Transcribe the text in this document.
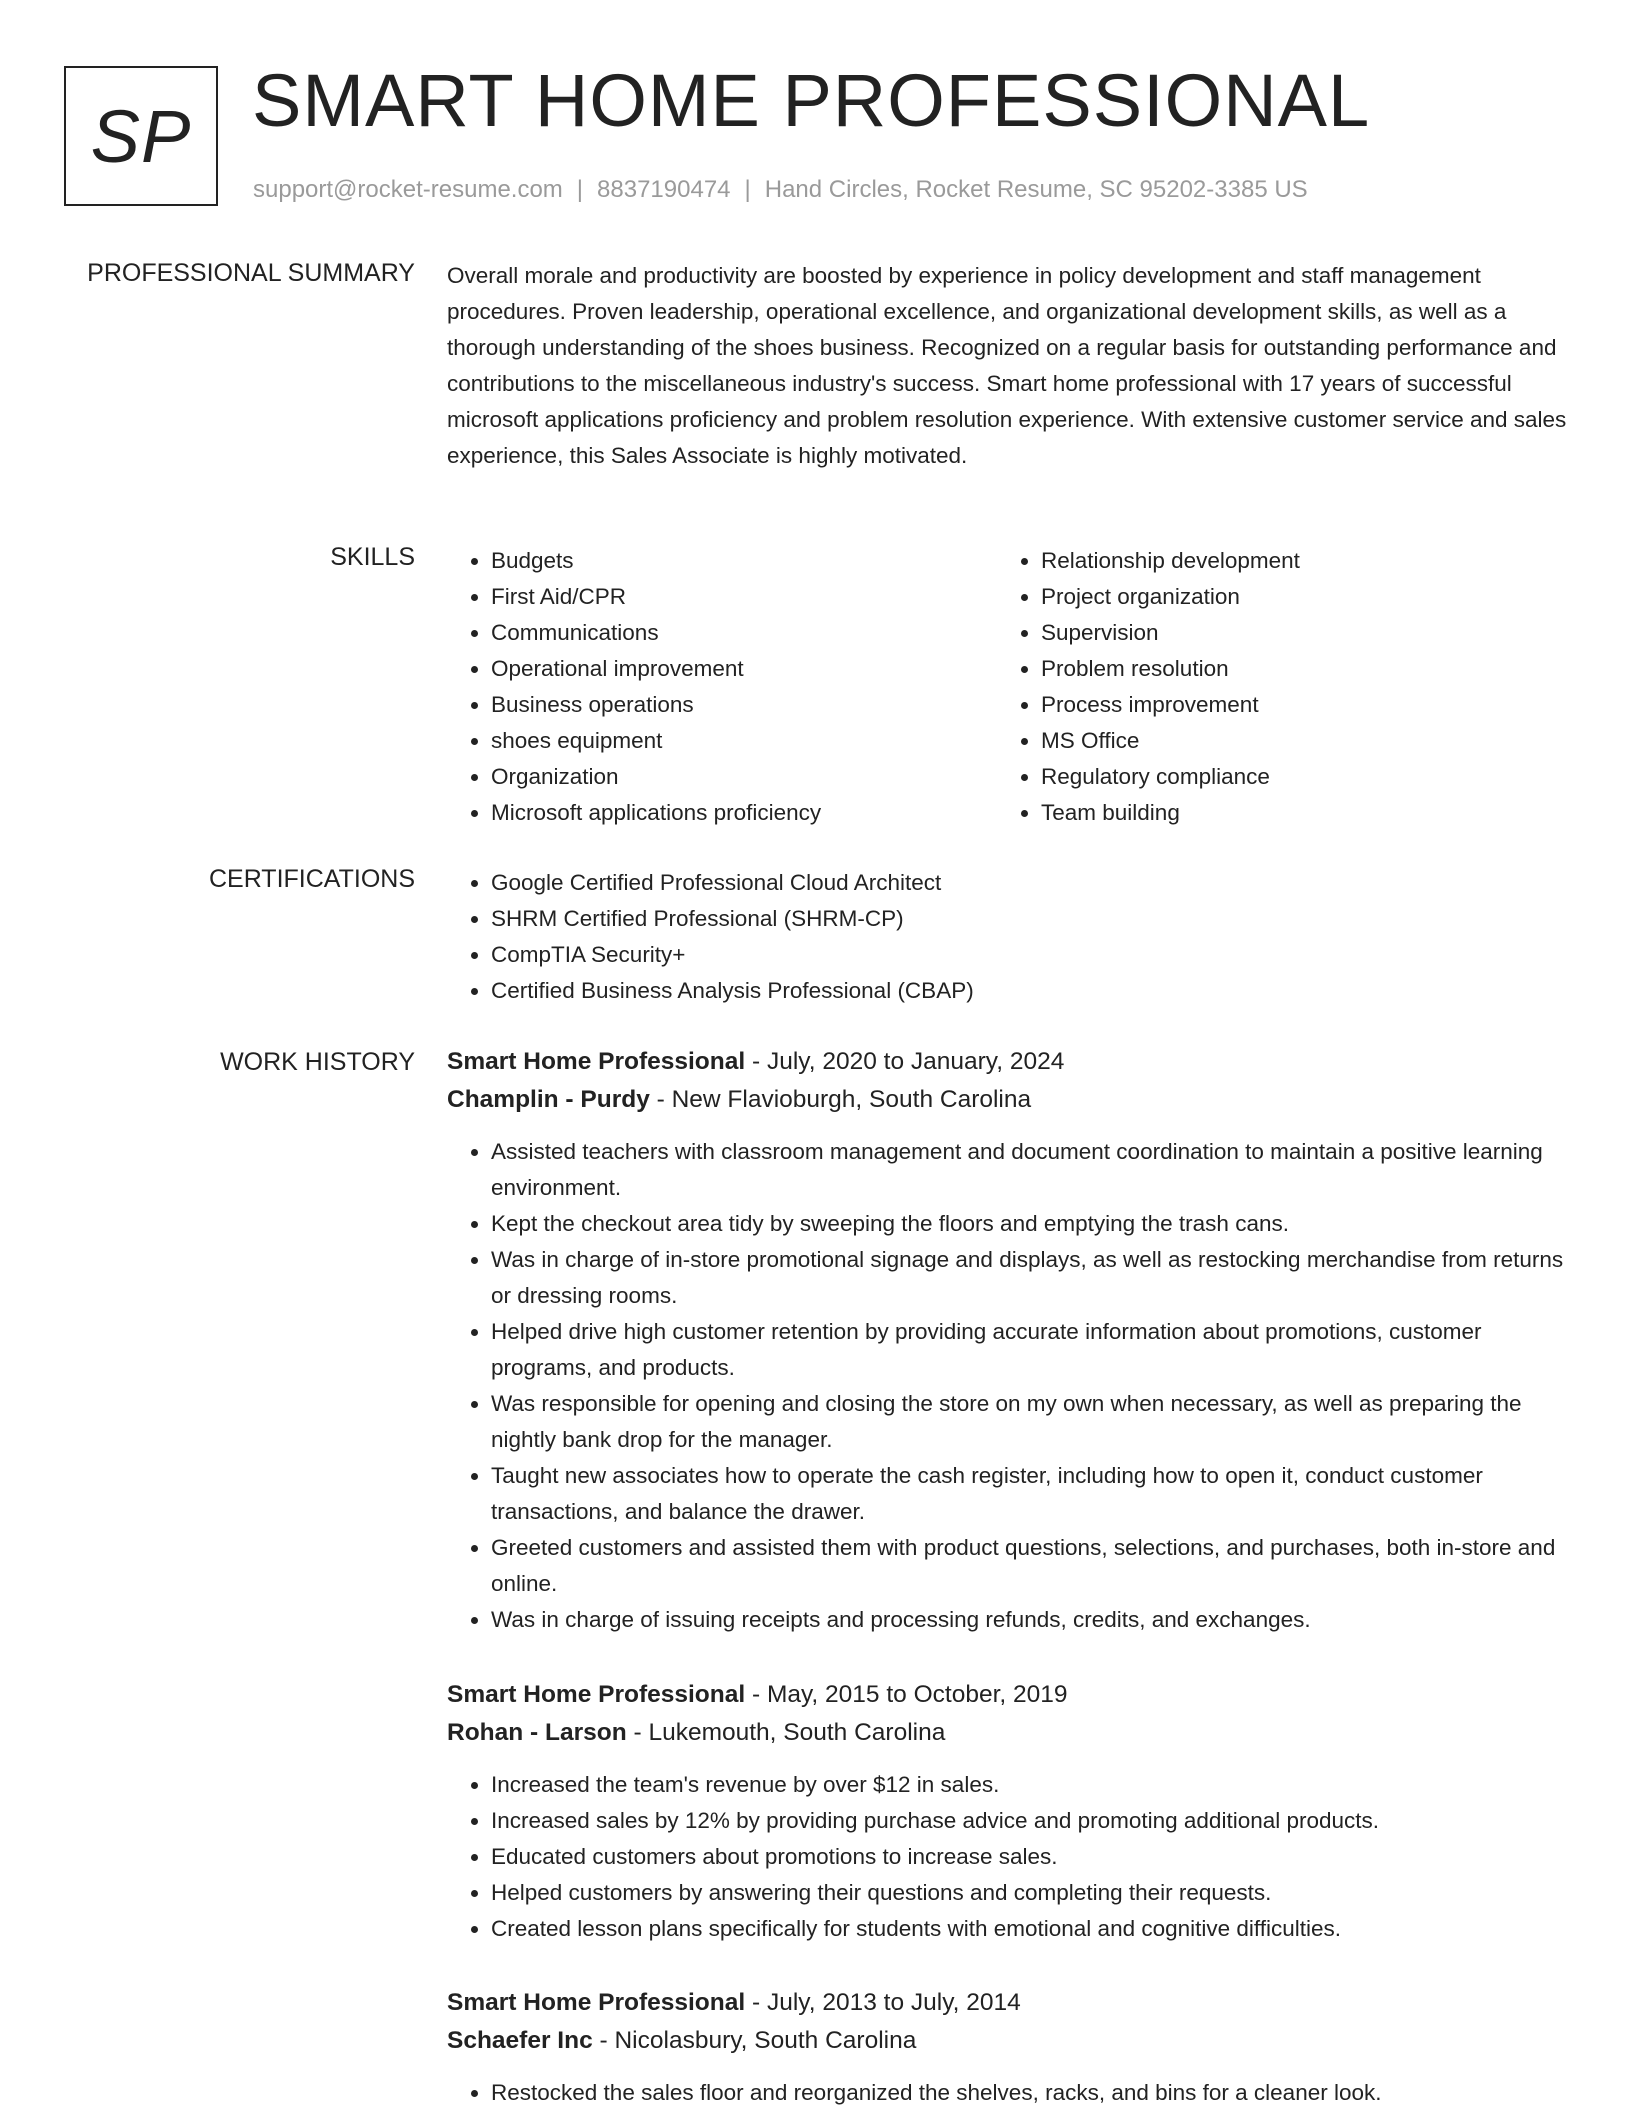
SP SMART HOME PROFESSIONAL
support@rocket-resume.com | 8837190474 | Hand Circles, Rocket Resume, SC 95202-3385 US
PROFESSIONAL SUMMARY Overall morale and productivity are boosted by experience in policy development and staff management procedures. Proven leadership, operational excellence, and organizational development skills, as well as a thorough understanding of the shoes business. Recognized on a regular basis for outstanding performance and contributions to the miscellaneous industry's success. Smart home professional with 17 years of successful microsoft applications proficiency and problem resolution experience. With extensive customer service and sales experience, this Sales Associate is highly motivated.
SKILLS	• Budgets
• First Aid/CPR
• Communications
• Operational improvement
• Business operations
• shoes equipment
• Organization
• Microsoft applications proficiency
• Relationship development
• Project organization
• Supervision
• Problem resolution
• Process improvement
• MS Office
• Regulatory compliance
• Team building
CERTIFICATIONS	• Google Certified Professional Cloud Architect
• SHRM Certified Professional (SHRM-CP)
• CompTIA Security+
• Certified Business Analysis Professional (CBAP)
WORK HISTORY Smart Home Professional - July, 2020 to January, 2024
Champlin - Purdy - New Flavioburgh, South Carolina
• Assisted teachers with classroom management and document coordination to maintain a positive learning environment.
• Kept the checkout area tidy by sweeping the floors and emptying the trash cans.
• Was in charge of in-store promotional signage and displays, as well as restocking merchandise from returns or dressing rooms.
• Helped drive high customer retention by providing accurate information about promotions, customer programs, and products.
• Was responsible for opening and closing the store on my own when necessary, as well as preparing the nightly bank drop for the manager.
• Taught new associates how to operate the cash register, including how to open it, conduct customer transactions, and balance the drawer.
• Greeted customers and assisted them with product questions, selections, and purchases, both in-store and online.
• Was in charge of issuing receipts and processing refunds, credits, and exchanges.
Smart Home Professional - May, 2015 to October, 2019
Rohan - Larson - Lukemouth, South Carolina
• Increased the team's revenue by over $12 in sales.
• Increased sales by 12% by providing purchase advice and promoting additional products.
• Educated customers about promotions to increase sales.
• Helped customers by answering their questions and completing their requests.
• Created lesson plans specifically for students with emotional and cognitive difficulties.
Smart Home Professional - July, 2013 to July, 2014
Schaefer Inc - Nicolasbury, South Carolina
• Restocked the sales floor and reorganized the shelves, racks, and bins for a cleaner look.
